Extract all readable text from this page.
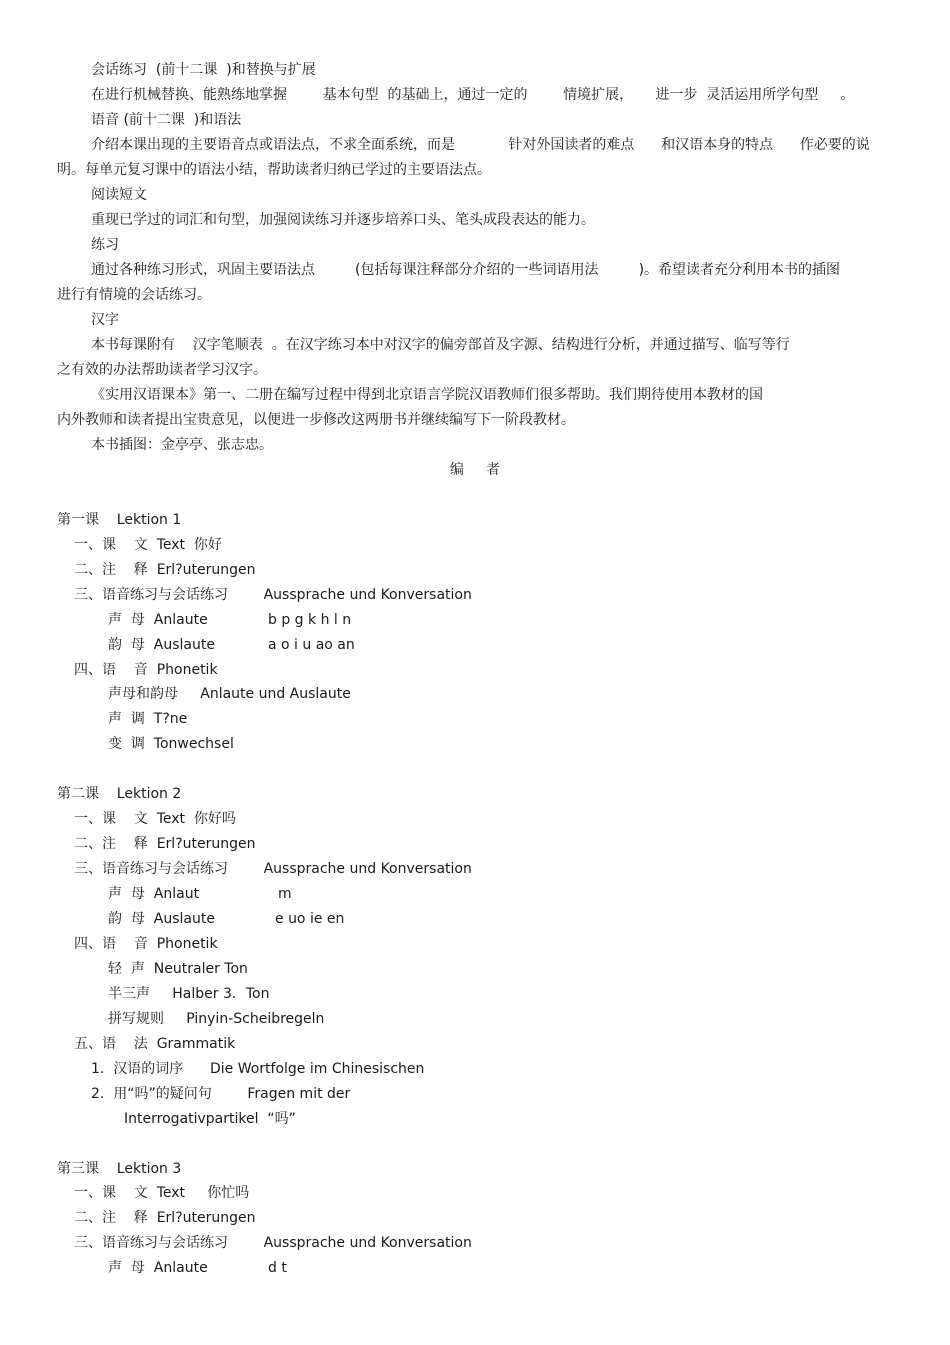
会话练习  (前十二课  )和替换与扩展
在进行机械替换、能熟练地掌握        基本句型  的基础上，通过一定的        情境扩展，     进一步  灵活运用所学句型     。
语音 (前十二课  )和语法
介绍本课出现的主要语音点或语法点，不求全面系统，而是            针对外国读者的难点      和汉语本身的特点      作必要的说
明。每单元复习课中的语法小结，帮助读者归纳已学过的主要语法点。
阅读短文
重现已学过的词汇和句型，加强阅读练习并逐步培养口头、笔头成段表达的能力。
练习
通过各种练习形式，巩固主要语法点         (包括每课注释部分介绍的一些词语用法         )。希望读者充分利用本书的插图
进行有情境的会话练习。
汉字
本书每课附有    汉字笔顺表  。在汉字练习本中对汉字的偏旁部首及字源、结构进行分析，并通过描写、临写等行
之有效的办法帮助读者学习汉字。
《实用汉语课本》第一、二册在编写过程中得到北京语言学院汉语教师们很多帮助。我们期待使用本教材的国
内外教师和读者提出宝贵意见，以便进一步修改这两册书并继续编写下一阶段教材。
本书插图：金亭亭、张志忠。
编     者
第一课    Lektion 1
一、课    文  Text  你好
二、注    释  Erl?uterungen
三、语音练习与会话练习        Aussprache und Konversation
声  母  Anlaute	b p g k h l n
韵  母  Auslaute	a o i u ao an
四、语    音  Phonetik
声母和韵母     Anlaute und Auslaute
声  调  T?ne
变  调  Tonwechsel
第二课    Lektion 2
一、课    文  Text  你好吗
二、注    释  Erl?uterungen
三、语音练习与会话练习        Aussprache und Konversation
声  母  Anlaut	m
韵  母  Auslaute	e uo ie en
四、语    音  Phonetik
轻  声  Neutraler Ton
半三声     Halber 3．Ton
拼写规则     Pinyin-Scheibregeln
五、语    法  Grammatik
1.  汉语的词序      Die Wortfolge im Chinesischen
2.  用“吗”的疑问句        Fragen mit der
Interrogativpartikel  “吗”
第三课    Lektion 3
一、课    文  Text     你忙吗
二、注    释  Erl?uterungen
三、语音练习与会话练习        Aussprache und Konversation
声  母  Anlaute	d t
